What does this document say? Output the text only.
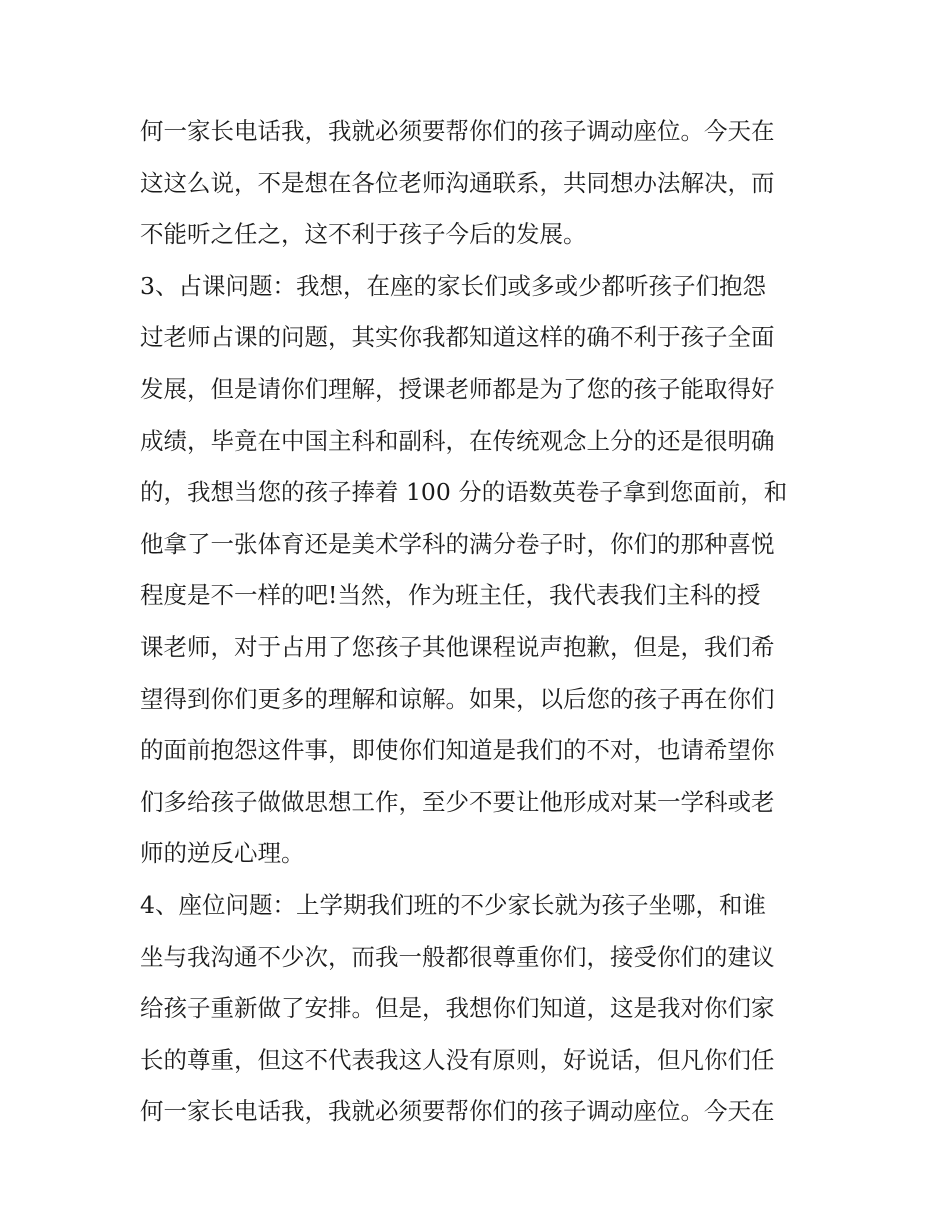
何一家长电话我，我就必须要帮你们的孩子调动座位。今天在
这这么说，不是想在各位老师沟通联系，共同想办法解决，而
不能听之任之，这不利于孩子今后的发展。
3、占课问题：我想，在座的家长们或多或少都听孩子们抱怨
过老师占课的问题，其实你我都知道这样的确不利于孩子全面
发展，但是请你们理解，授课老师都是为了您的孩子能取得好
成绩，毕竟在中国主科和副科，在传统观念上分的还是很明确
的，我想当您的孩子捧着 100 分的语数英卷子拿到您面前，和
他拿了一张体育还是美术学科的满分卷子时，你们的那种喜悦
程度是不一样的吧!当然，作为班主任，我代表我们主科的授
课老师，对于占用了您孩子其他课程说声抱歉，但是，我们希
望得到你们更多的理解和谅解。如果，以后您的孩子再在你们
的面前抱怨这件事，即使你们知道是我们的不对，也请希望你
们多给孩子做做思想工作，至少不要让他形成对某一学科或老
师的逆反心理。
4、座位问题：上学期我们班的不少家长就为孩子坐哪，和谁
坐与我沟通不少次，而我一般都很尊重你们，接受你们的建议
给孩子重新做了安排。但是，我想你们知道，这是我对你们家
长的尊重，但这不代表我这人没有原则，好说话，但凡你们任
何一家长电话我，我就必须要帮你们的孩子调动座位。今天在
